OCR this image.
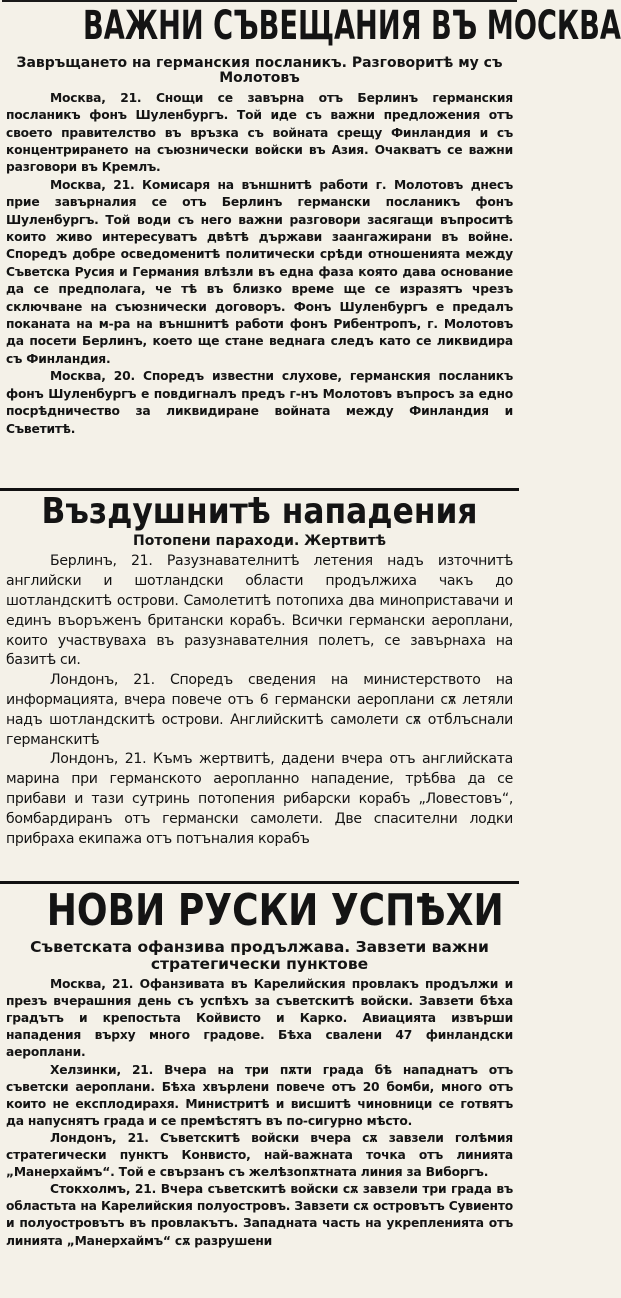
ВАЖНИ СЪВЕЩАНИЯ ВЪ МОСКВА
Завръщането на германския посланикъ. Разговоритѣ му съ Молотовъ

Москва, 21. Снощи се завърна отъ Берлинъ германския посланикъ фонъ Шуленбургъ. Той иде съ важни предложения отъ своето правителство въ връзка съ войната срещу Финландия и съ концентрирането на съюзнически войски въ Азия. Очакватъ се важни разговори въ Кремлъ.

Москва, 21. Комисаря на външнитѣ работи г. Молотовъ днесъ прие завърналия се отъ Берлинъ германски посланикъ фонъ Шуленбургъ. Той води съ него важни разговори засягащи въпроситѣ които живо интересуватъ двѣтѣ държави заангажирани въ войне. Споредъ добре осведоменитѣ политически срѣди отношенията между Съветска Русия и Германия влѣзли въ една фаза която дава основание да се предполага, че тѣ въ близко време ще се изразятъ чрезъ сключване на съюзнически договоръ. Фонъ Шуленбургъ е предалъ поканата на м-ра на външнитѣ работи фонъ Рибентропъ, г. Молотовъ да посети Берлинъ, което ще стане веднага следъ като се ликвидира съ Финландия.

Москва, 20. Споредъ известни слухове, германския посланикъ фонъ Шуленбургъ е повдигналъ предъ г-нъ Молотовъ въпросъ за едно посрѣдничество за ликвидиране войната между Финландия и Съветитѣ.

Въздушнитѣ нападения
Потопени параходи. Жертвитѣ

Берлинъ, 21. Разузнавателнитѣ летения надъ източнитѣ английски и шотландски области продължиха чакъ до шотландскитѣ острови. Самолетитѣ потопиха два миноприставачи и единъ въоръженъ британски корабъ. Всички германски аероплани, които участвуваха въ разузнавателния полетъ, се завърнаха на базитѣ си.

Лондонъ, 21. Споредъ сведения на министерството на информацията, вчера повече отъ 6 германски аероплани сѫ летяли надъ шотландскитѣ острови. Английскитѣ самолети сѫ отблъснали германскитѣ

Лондонъ, 21. Къмъ жертвитѣ, дадени вчера отъ английската марина при германското аеропланно нападение, трѣбва да се прибави и тази сутринь потопения рибарски корабъ „Ловестовъ“, бомбардиранъ отъ германски самолети. Две спасителни лодки прибраха екипажа отъ потъналия корабъ

НОВИ РУСКИ УСПѢХИ
Съветската офанзива продължава. Завзети важни стратегически пунктове

Москва, 21. Офанзивата въ Карелийския провлакъ продължи и презъ вчерашния день съ успѣхъ за съветскитѣ войски. Завзети бѣха градътъ и крепостьта Койвисто и Карко. Авиацията извърши нападения върху много градове. Бѣха свалени 47 финландски аероплани.

Хелзинки, 21. Вчера на три пѫти града бѣ нападнатъ отъ съветски аероплани. Бѣха хвърлени повече отъ 20 бомби, много отъ които не експлодирахя. Министритѣ и висшитѣ чиновници се готвятъ да напуснятъ града и се премѣстятъ въ по-сигурно мѣсто.

Лондонъ, 21. Съветскитѣ войски вчера сѫ завзели голѣмия стратегически пунктъ Конвисто, най-важната точка отъ линията „Манерхаймъ“. Той е свързанъ съ желѣзопѫтната линия за Виборгъ.

Стокхолмъ, 21. Вчера съветскитѣ войски сѫ завзели три града въ областьта на Карелийския полуостровъ. Завзети сѫ островътъ Сувиенто и полуостровътъ въ провлакътъ. Западната часть на укрепленията отъ линията „Манерхаймъ“ сѫ разрушени
